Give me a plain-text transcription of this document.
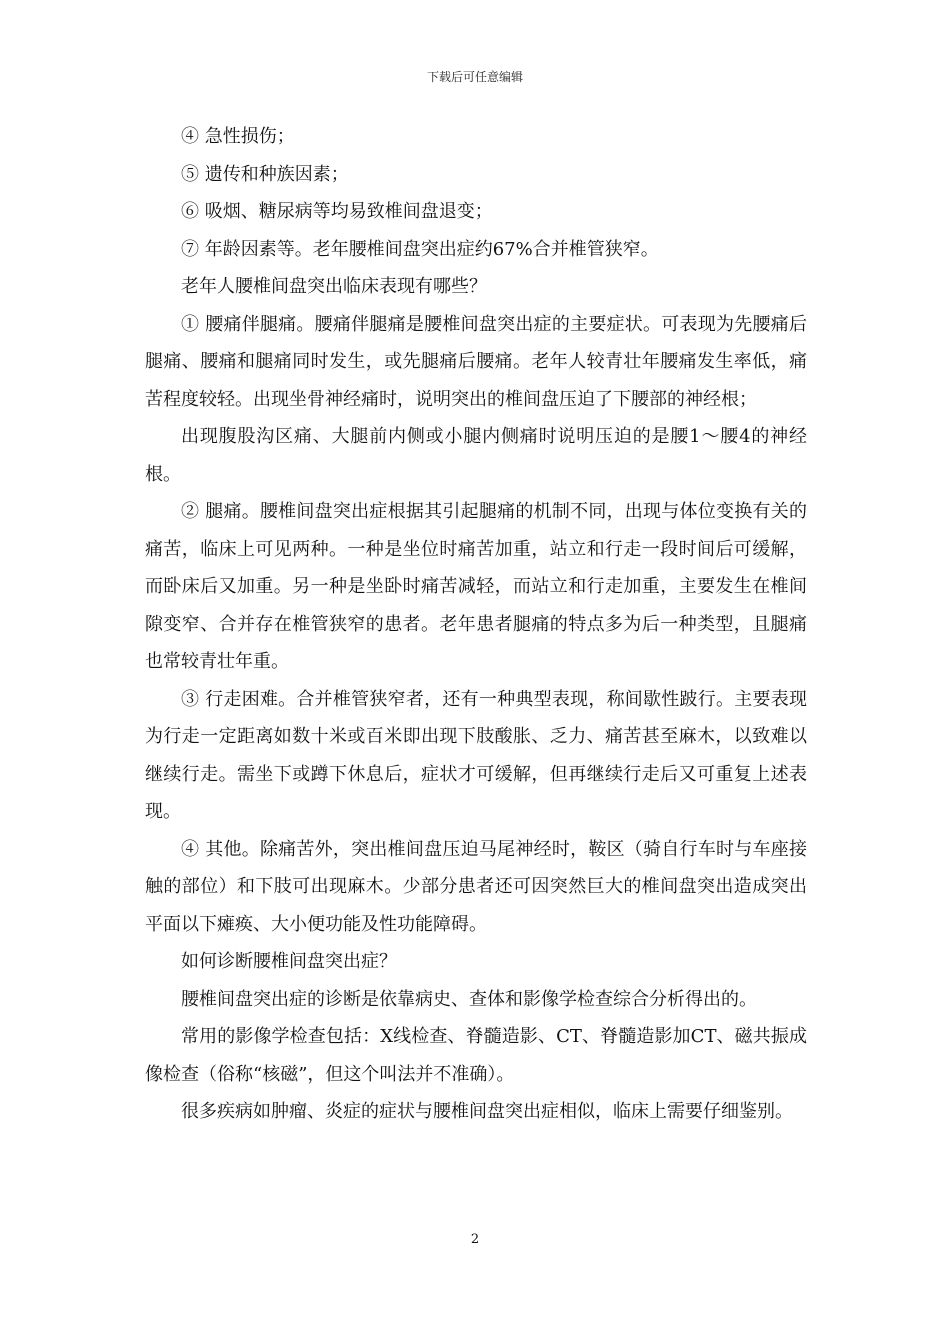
下载后可任意编辑

④ 急性损伤；

⑤ 遗传和种族因素；

⑥ 吸烟、糖尿病等均易致椎间盘退变；

⑦ 年龄因素等。老年腰椎间盘突出症约67%合并椎管狭窄。

老年人腰椎间盘突出临床表现有哪些？

① 腰痛伴腿痛。腰痛伴腿痛是腰椎间盘突出症的主要症状。可表现为先腰痛后腿痛、腰痛和腿痛同时发生，或先腿痛后腰痛。老年人较青壮年腰痛发生率低，痛苦程度较轻。出现坐骨神经痛时，说明突出的椎间盘压迫了下腰部的神经根；

出现腹股沟区痛、大腿前内侧或小腿内侧痛时说明压迫的是腰1～腰4的神经根。

② 腿痛。腰椎间盘突出症根据其引起腿痛的机制不同，出现与体位变换有关的痛苦，临床上可见两种。一种是坐位时痛苦加重，站立和行走一段时间后可缓解，而卧床后又加重。另一种是坐卧时痛苦减轻，而站立和行走加重，主要发生在椎间隙变窄、合并存在椎管狭窄的患者。老年患者腿痛的特点多为后一种类型，且腿痛也常较青壮年重。

③ 行走困难。合并椎管狭窄者，还有一种典型表现，称间歇性跛行。主要表现为行走一定距离如数十米或百米即出现下肢酸胀、乏力、痛苦甚至麻木，以致难以继续行走。需坐下或蹲下休息后，症状才可缓解，但再继续行走后又可重复上述表现。

④ 其他。除痛苦外，突出椎间盘压迫马尾神经时，鞍区（骑自行车时与车座接触的部位）和下肢可出现麻木。少部分患者还可因突然巨大的椎间盘突出造成突出平面以下瘫痪、大小便功能及性功能障碍。

如何诊断腰椎间盘突出症？

腰椎间盘突出症的诊断是依靠病史、查体和影像学检查综合分析得出的。

常用的影像学检查包括：X线检查、脊髓造影、CT、脊髓造影加CT、磁共振成像检查（俗称“核磁”，但这个叫法并不准确）。

很多疾病如肿瘤、炎症的症状与腰椎间盘突出症相似，临床上需要仔细鉴别。

2
